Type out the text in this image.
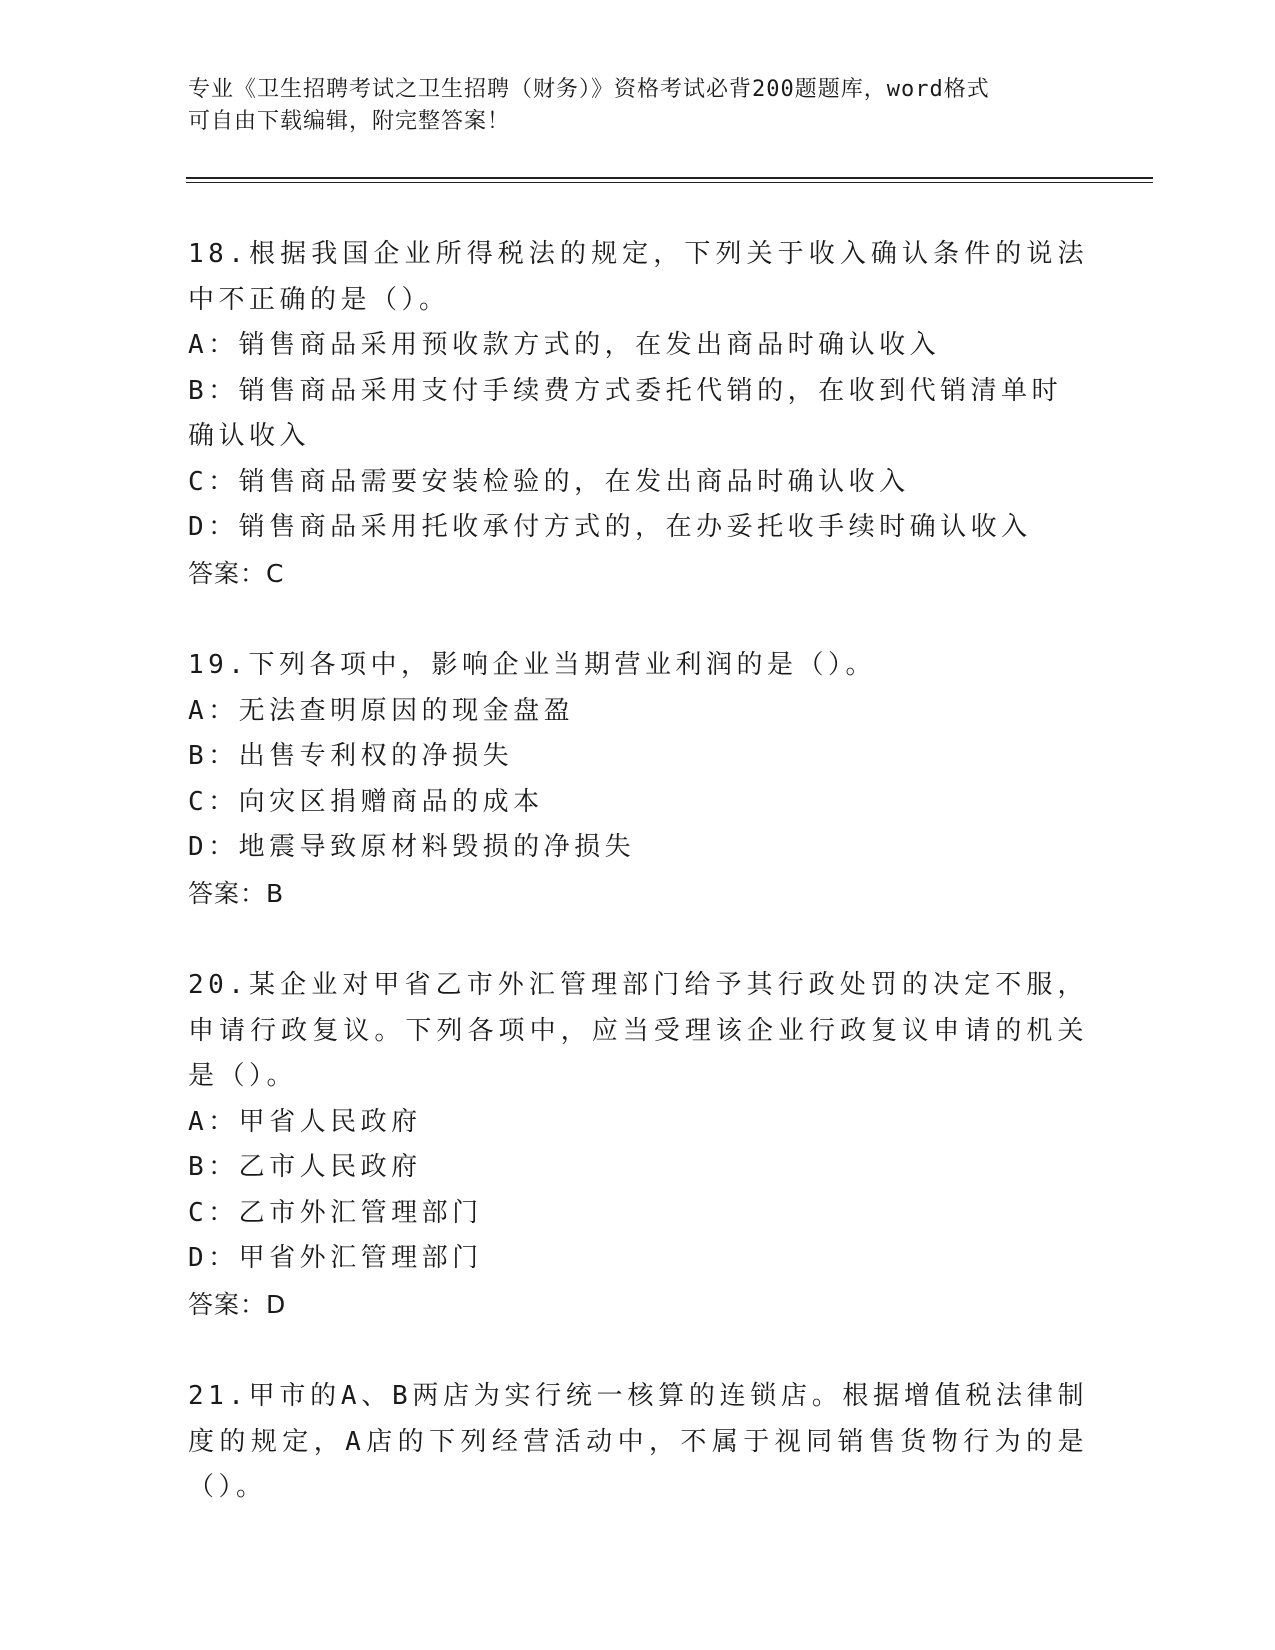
专业《卫生招聘考试之卫生招聘（财务）》资格考试必背200题题库，word格式
可自由下载编辑，附完整答案！

18.根据我国企业所得税法的规定，下列关于收入确认条件的说法中不正确的是（）。

A：销售商品采用预收款方式的，在发出商品时确认收入

B：销售商品采用支付手续费方式委托代销的，在收到代销清单时确认收入

C：销售商品需要安装检验的，在发出商品时确认收入

D：销售商品采用托收承付方式的，在办妥托收手续时确认收入

答案：C

19.下列各项中，影响企业当期营业利润的是（）。

A：无法查明原因的现金盘盈

B：出售专利权的净损失

C：向灾区捐赠商品的成本

D：地震导致原材料毁损的净损失

答案：B

20.某企业对甲省乙市外汇管理部门给予其行政处罚的决定不服，申请行政复议。下列各项中，应当受理该企业行政复议申请的机关是（）。

A：甲省人民政府

B：乙市人民政府

C：乙市外汇管理部门

D：甲省外汇管理部门

答案：D

21.甲市的A、B两店为实行统一核算的连锁店。根据增值税法律制度的规定，A店的下列经营活动中，不属于视同销售货物行为的是（）。
